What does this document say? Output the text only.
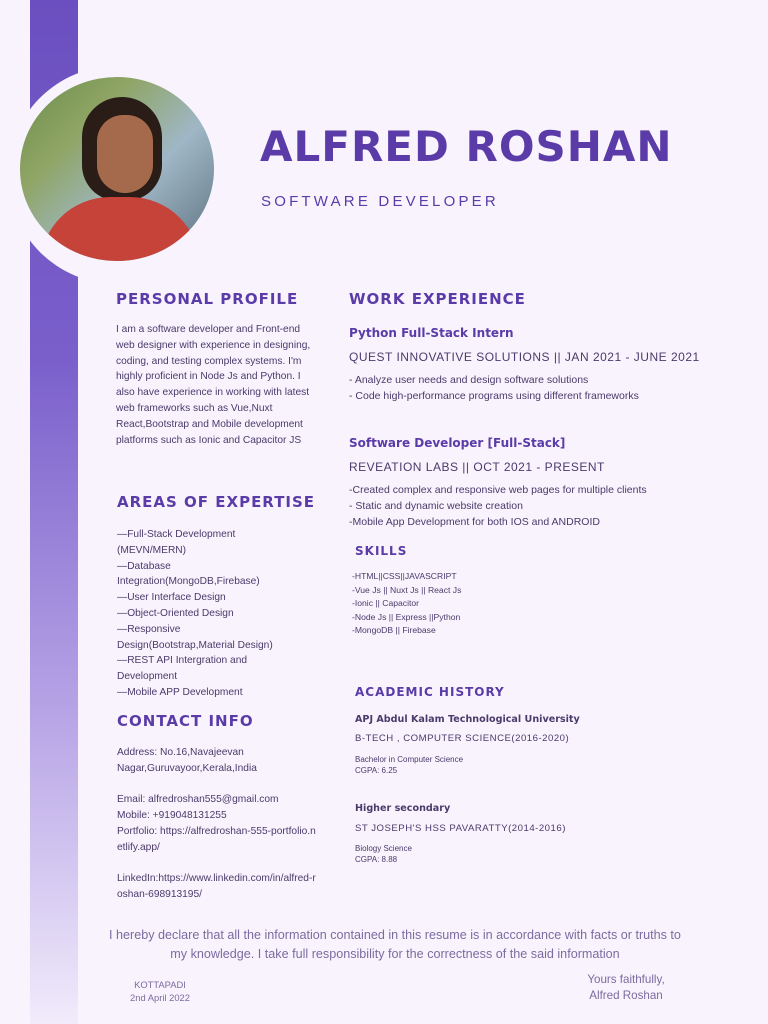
ALFRED ROSHAN
SOFTWARE DEVELOPER
PERSONAL PROFILE

I am a software developer and Front-end web designer with experience in designing, coding, and testing complex systems. I'm highly proficient in Node Js and Python. I also have experience in working with latest web frameworks such as Vue,Nuxt React,Bootstrap and Mobile development platforms such as Ionic and Capacitor JS

AREAS OF EXPERTISE

—Full-Stack Development (MEVN/MERN)

—Database Integration(MongoDB,Firebase)

—User Interface Design

—Object-Oriented Design

—Responsive Design(Bootstrap,Material Design)

—REST API Intergration and Development

—Mobile APP Development

CONTACT INFO

Address: No.16,Navajeevan Nagar,Guruvayoor,Kerala,India

Email: alfredroshan555@gmail.com

Mobile: +919048131255

Portfolio: https://alfredroshan-555-portfolio.netlify.app/

LinkedIn:https://www.linkedin.com/in/alfred-roshan-698913195/

WORK EXPERIENCE
Python Full-Stack Intern
QUEST INNOVATIVE SOLUTIONS || JAN 2021 - JUNE 2021

- Analyze user needs and design software solutions

- Code high-performance programs using different frameworks

Software Developer [Full-Stack]
REVEATION LABS || OCT 2021 - PRESENT

-Created complex and responsive web pages for multiple clients

- Static and dynamic website creation

-Mobile App Development for both IOS and ANDROID

SKILLS

-HTML||CSS||JAVASCRIPT

-Vue Js || Nuxt Js || React Js

-Ionic || Capacitor

-Node Js || Express ||Python

-MongoDB || Firebase

ACADEMIC HISTORY
APJ Abdul Kalam Technological University
B-TECH , COMPUTER SCIENCE(2016-2020)

Bachelor in Computer Science

CGPA: 6.25

Higher secondary
ST JOSEPH'S HSS PAVARATTY(2014-2016)

Biology Science

CGPA: 8.88

I hereby declare that all the information contained in this resume is in accordance with facts or truths to my knowledge. I take full responsibility for the correctness of the said information
KOTTAPADI
2nd April 2022
Yours faithfully,
Alfred Roshan
